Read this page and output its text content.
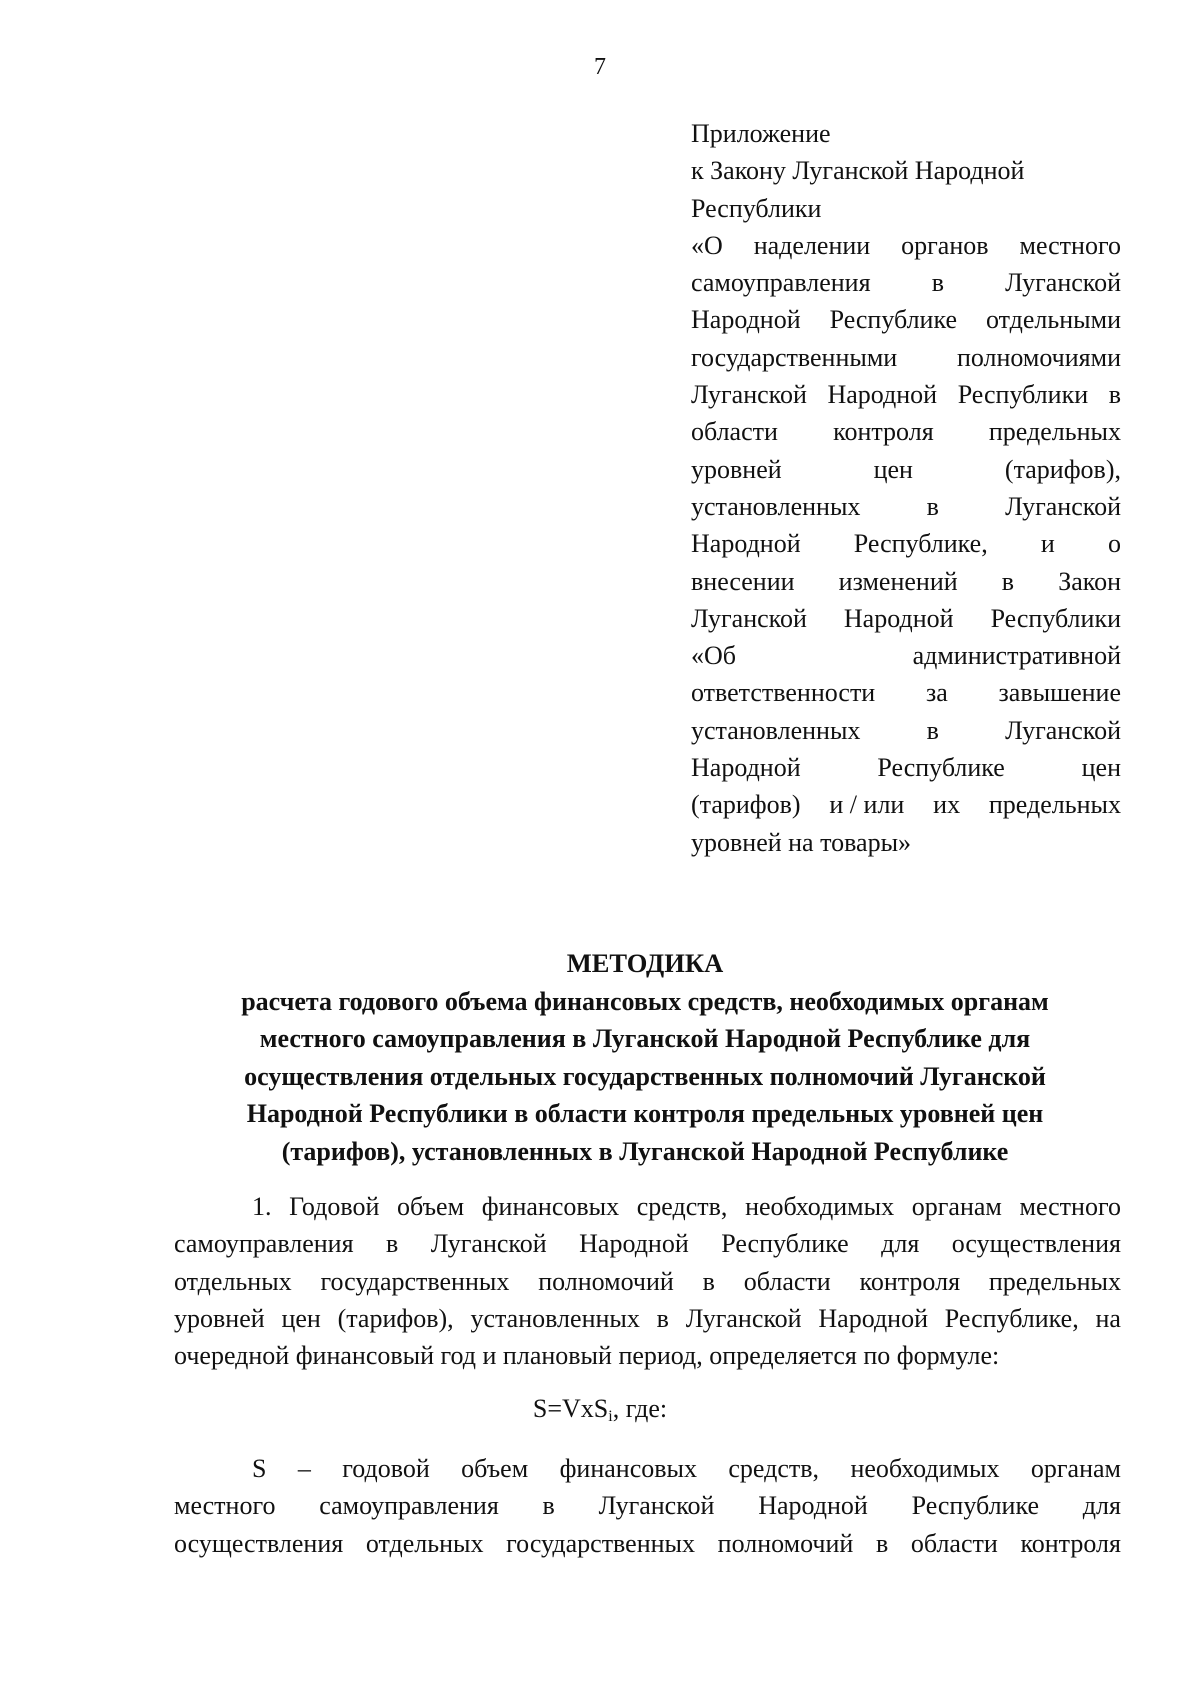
7
Приложение
к Закону Луганской Народной
Республики
«О наделении органов местного
самоуправления в Луганской
Народной Республике отдельными
государственными полномочиями
Луганской Народной Республики в
области контроля предельных
уровней	цен	(тарифов),
установленных	в	Луганской
Народной Республике, и о
внесении изменений в Закон
Луганской Народной Республики
«Об	административной
ответственности за завышение
установленных	в	Луганской
Народной	Республике	цен
(тарифов) и / или их предельных
уровней на товары»
МЕТОДИКА
расчета годового объема финансовых средств, необходимых органам
местного самоуправления в Луганской Народной Республике для
осуществления отдельных государственных полномочий Луганской
Народной Республики в области контроля предельных уровней цен
(тарифов), установленных в Луганской Народной Республике
1. Годовой объем финансовых средств, необходимых органам местного
самоуправления в Луганской Народной Республике для осуществления
отдельных государственных полномочий в области контроля предельных
уровней цен (тарифов), установленных в Луганской Народной Республике, на
очередной финансовый год и плановый период, определяется по формуле:
S=VxS$_i$, где:
S – годовой объем финансовых средств, необходимых органам
местного самоуправления в Луганской Народной Республике для
осуществления отдельных государственных полномочий в области контроля
